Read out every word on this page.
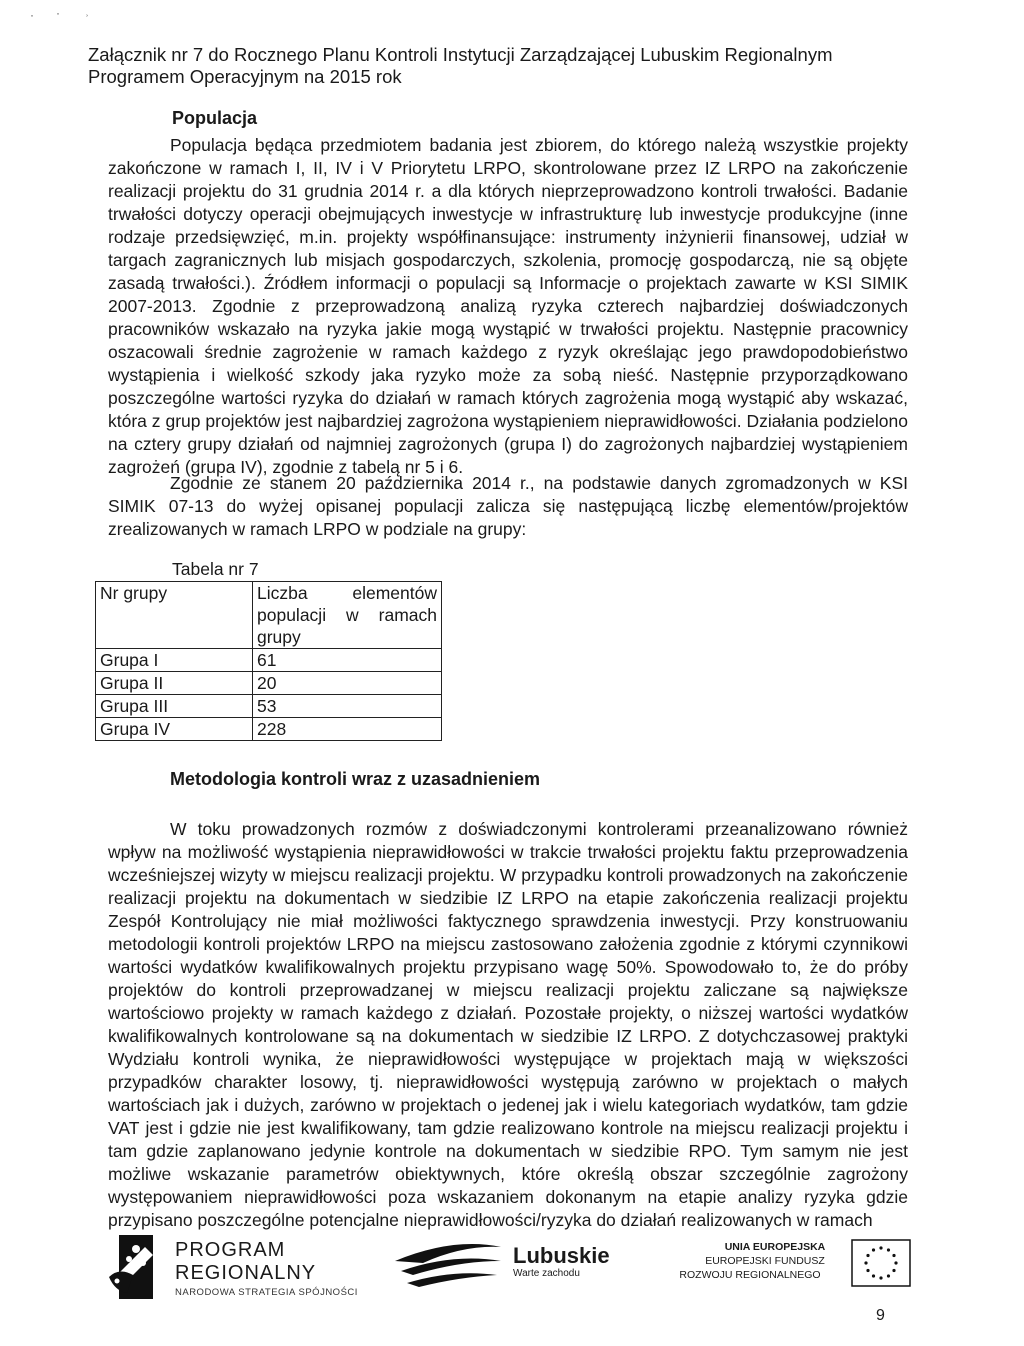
· · ˒
Załącznik nr 7 do Rocznego Planu Kontroli Instytucji Zarządzającej Lubuskim Regionalnym Programem Operacyjnym na 2015 rok
Populacja

Populacja będąca przedmiotem badania jest zbiorem, do którego należą wszystkie projekty zakończone w ramach I, II, IV i V Priorytetu LRPO, skontrolowane przez IZ LRPO na zakończenie realizacji projektu do 31 grudnia 2014 r. a dla których nieprzeprowadzono kontroli trwałości. Badanie trwałości dotyczy operacji obejmujących inwestycje w infrastrukturę lub inwestycje produkcyjne (inne rodzaje przedsięwzięć, m.in. projekty współfinansujące: instrumenty inżynierii finansowej, udział w targach zagranicznych lub misjach gospodarczych, szkolenia, promocję gospodarczą, nie są objęte zasadą trwałości.). Źródłem informacji o populacji są Informacje o projektach zawarte w KSI SIMIK 2007-2013. Zgodnie z przeprowadzoną analizą ryzyka czterech najbardziej doświadczonych pracowników wskazało na ryzyka jakie mogą wystąpić w trwałości projektu. Następnie pracownicy oszacowali średnie zagrożenie w ramach każdego z ryzyk określając jego prawdopodobieństwo wystąpienia i wielkość szkody jaka ryzyko może za sobą nieść. Następnie przyporządkowano poszczególne wartości ryzyka do działań w ramach których zagrożenia mogą wystąpić aby wskazać, która z grup projektów jest najbardziej zagrożona wystąpieniem nieprawidłowości. Działania podzielono na cztery grupy działań od najmniej zagrożonych (grupa I) do zagrożonych najbardziej wystąpieniem zagrożeń (grupa IV), zgodnie z tabelą nr 5 i 6.

Zgodnie ze stanem 20 października 2014 r., na podstawie danych zgromadzonych w KSI SIMIK 07-13 do wyżej opisanej populacji zalicza się następującą liczbę elementów/projektów zrealizowanych w ramach LRPO w podziale na grupy:

Tabela nr 7
Nr grupy	Liczba elementów
populacji w ramach
grupy

Grupa I	61
Grupa II	20
Grupa III	53
Grupa IV	228
Metodologia kontroli wraz z uzasadnieniem

W toku prowadzonych rozmów z doświadczonymi kontrolerami przeanalizowano również wpływ na możliwość wystąpienia nieprawidłowości w trakcie trwałości projektu faktu przeprowadzenia wcześniejszej wizyty w miejscu realizacji projektu. W przypadku kontroli prowadzonych na zakończenie realizacji projektu na dokumentach w siedzibie IZ LRPO na etapie zakończenia realizacji projektu Zespół Kontrolujący nie miał możliwości faktycznego sprawdzenia inwestycji. Przy konstruowaniu metodologii kontroli projektów LRPO na miejscu zastosowano założenia zgodnie z którymi czynnikowi wartości wydatków kwalifikowalnych projektu przypisano wagę 50%. Spowodowało to, że do próby projektów do kontroli przeprowadzanej w miejscu realizacji projektu zaliczane są największe wartościowo projekty w ramach każdego z działań. Pozostałe projekty, o niższej wartości wydatków kwalifikowalnych kontrolowane są na dokumentach w siedzibie IZ LRPO. Z dotychczasowej praktyki Wydziału kontroli wynika, że nieprawidłowości występujące w projektach mają w większości przypadków charakter losowy, tj. nieprawidłowości występują zarówno w projektach o małych wartościach jak i dużych, zarówno w projektach o jedenej jak i wielu kategoriach wydatków, tam gdzie VAT jest i gdzie nie jest kwalifikowany, tam gdzie realizowano kontrole na miejscu realizacji projektu i tam gdzie zaplanowano jedynie kontrole na dokumentach w siedzibie RPO. Tym samym nie jest możliwe wskazanie parametrów obiektywnych, które określą obszar szczególnie zagrożony występowaniem nieprawidłowości poza wskazaniem dokonanym na etapie analizy ryzyka gdzie przypisano poszczególne potencjalne nieprawidłowości/ryzyka do działań realizowanych w ramach

PROGRAM
REGIONALNY
NARODOWA STRATEGIA SPÓJNOŚCI
Lubuskie
Warte zachodu
UNIA EUROPEJSKA
EUROPEJSKI FUNDUSZ
ROZWOJU REGIONALNEGO
9
